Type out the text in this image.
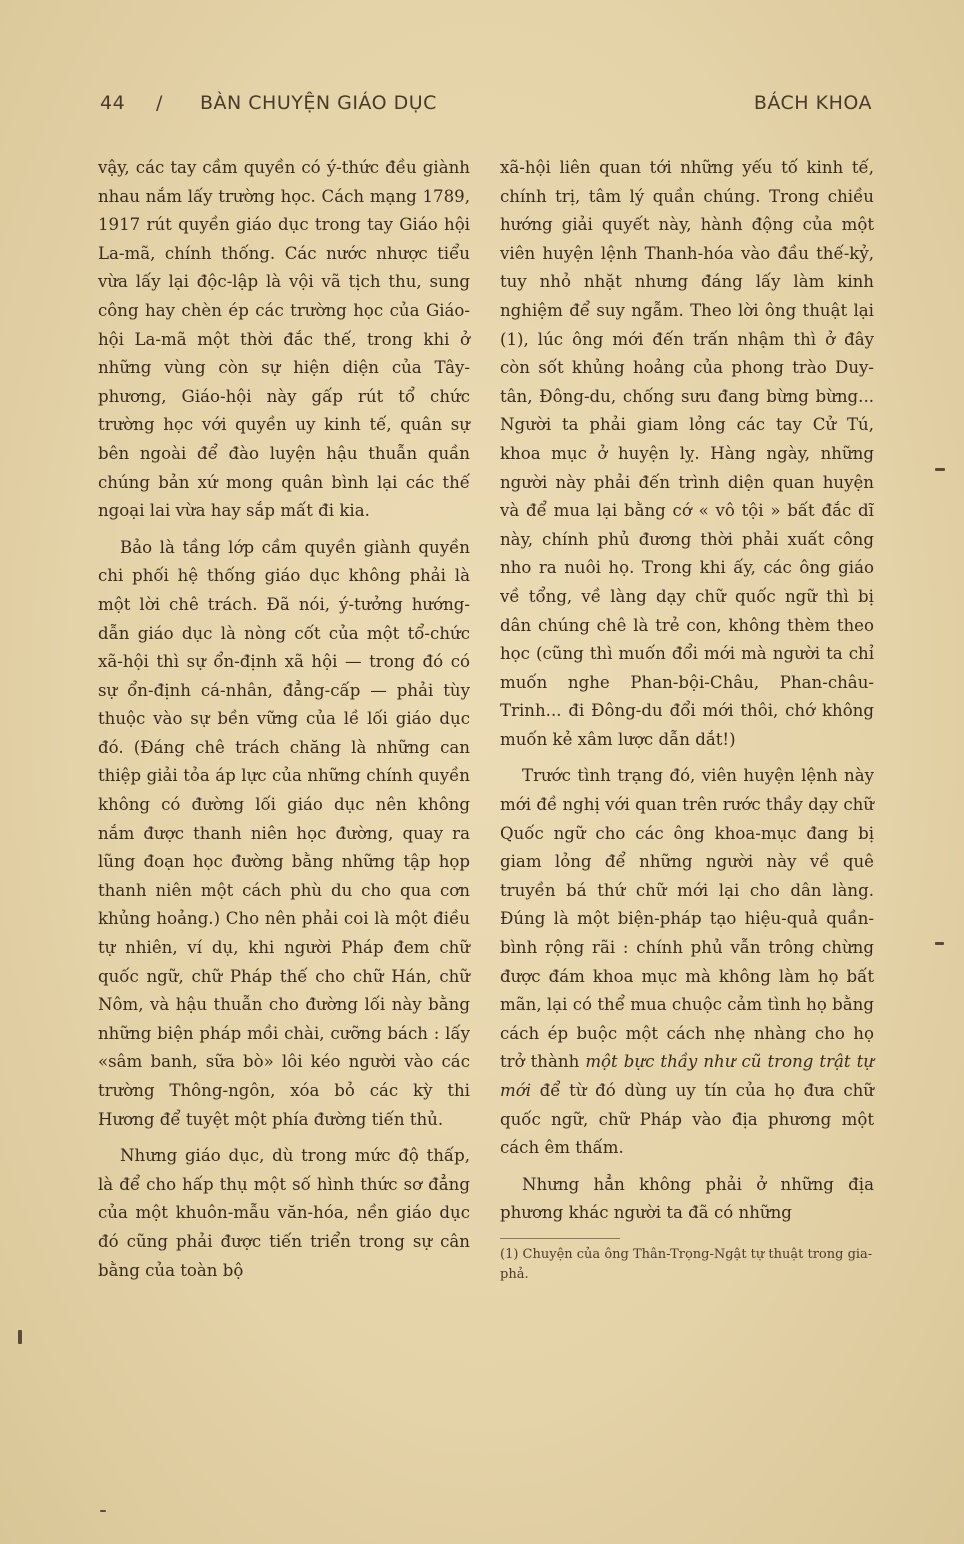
44 / BÀN CHUYỆN GIÁO DỤC	BÁCH KHOA

vậy, các tay cầm quyền có ý-thức đều giành nhau nắm lấy trường học. Cách mạng 1789, 1917 rút quyền giáo dục trong tay Giáo hội La-mã, chính thống. Các nước nhược tiểu vừa lấy lại độc-lập là vội vã tịch thu, sung công hay chèn ép các trường học của Giáo-hội La-mã một thời đắc thế, trong khi ở những vùng còn sự hiện diện của Tây-phương, Giáo-hội này gấp rút tổ chức trường học với quyền uy kinh tế, quân sự bên ngoài để đào luyện hậu thuẫn quần chúng bản xứ mong quân bình lại các thế ngoại lai vừa hay sắp mất đi kia.

Bảo là tầng lớp cầm quyền giành quyền chi phối hệ thống giáo dục không phải là một lời chê trách. Đã nói, ý-tưởng hướng-dẫn giáo dục là nòng cốt của một tổ-chức xã-hội thì sự ổn-định xã hội — trong đó có sự ổn-định cá-nhân, đẳng-cấp — phải tùy thuộc vào sự bền vững của lề lối giáo dục đó. (Đáng chê trách chăng là những can thiệp giải tỏa áp lực của những chính quyền không có đường lối giáo dục nên không nắm được thanh niên học đường, quay ra lũng đoạn học đường bằng những tập họp thanh niên một cách phù du cho qua cơn khủng hoảng.) Cho nên phải coi là một điều tự nhiên, ví dụ, khi người Pháp đem chữ quốc ngữ, chữ Pháp thế cho chữ Hán, chữ Nôm, và hậu thuẫn cho đường lối này bằng những biện pháp mồi chài, cưỡng bách : lấy «sâm banh, sữa bò» lôi kéo người vào các trường Thông-ngôn, xóa bỏ các kỳ thi Hương để tuyệt một phía đường tiến thủ.

Nhưng giáo dục, dù trong mức độ thấp, là để cho hấp thụ một số hình thức sơ đẳng của một khuôn-mẫu văn-hóa, nền giáo dục đó cũng phải được tiến triển trong sự cân bằng của toàn bộ

xã-hội liên quan tới những yếu tố kinh tế, chính trị, tâm lý quần chúng. Trong chiều hướng giải quyết này, hành động của một viên huyện lệnh Thanh-hóa vào đầu thế-kỷ, tuy nhỏ nhặt nhưng đáng lấy làm kinh nghiệm để suy ngẫm. Theo lời ông thuật lại (1), lúc ông mới đến trấn nhậm thì ở đây còn sốt khủng hoảng của phong trào Duy-tân, Đông-du, chống sưu đang bừng bừng... Người ta phải giam lỏng các tay Cử Tú, khoa mục ở huyện lỵ. Hàng ngày, những người này phải đến trình diện quan huyện và để mua lại bằng cớ « vô tội » bất đắc dĩ này, chính phủ đương thời phải xuất công nho ra nuôi họ. Trong khi ấy, các ông giáo về tổng, về làng dạy chữ quốc ngữ thì bị dân chúng chê là trẻ con, không thèm theo học (cũng thì muốn đổi mới mà người ta chỉ muốn nghe Phan-bội-Châu, Phan-châu-Trinh... đi Đông-du đổi mới thôi, chớ không muốn kẻ xâm lược dẫn dắt!)

Trước tình trạng đó, viên huyện lệnh này mới đề nghị với quan trên rước thầy dạy chữ Quốc ngữ cho các ông khoa-mục đang bị giam lỏng để những người này về quê truyền bá thứ chữ mới lại cho dân làng. Đúng là một biện-pháp tạo hiệu-quả quần-bình rộng rãi : chính phủ vẫn trông chừng được đám khoa mục mà không làm họ bất mãn, lại có thể mua chuộc cảm tình họ bằng cách ép buộc một cách nhẹ nhàng cho họ trở thành một bực thầy như cũ trong trật tự mới để từ đó dùng uy tín của họ đưa chữ quốc ngữ, chữ Pháp vào địa phương một cách êm thấm.

Nhưng hẳn không phải ở những địa phương khác người ta đã có những

(1) Chuyện của ông Thân-Trọng-Ngật tự thuật trong gia-phả.
